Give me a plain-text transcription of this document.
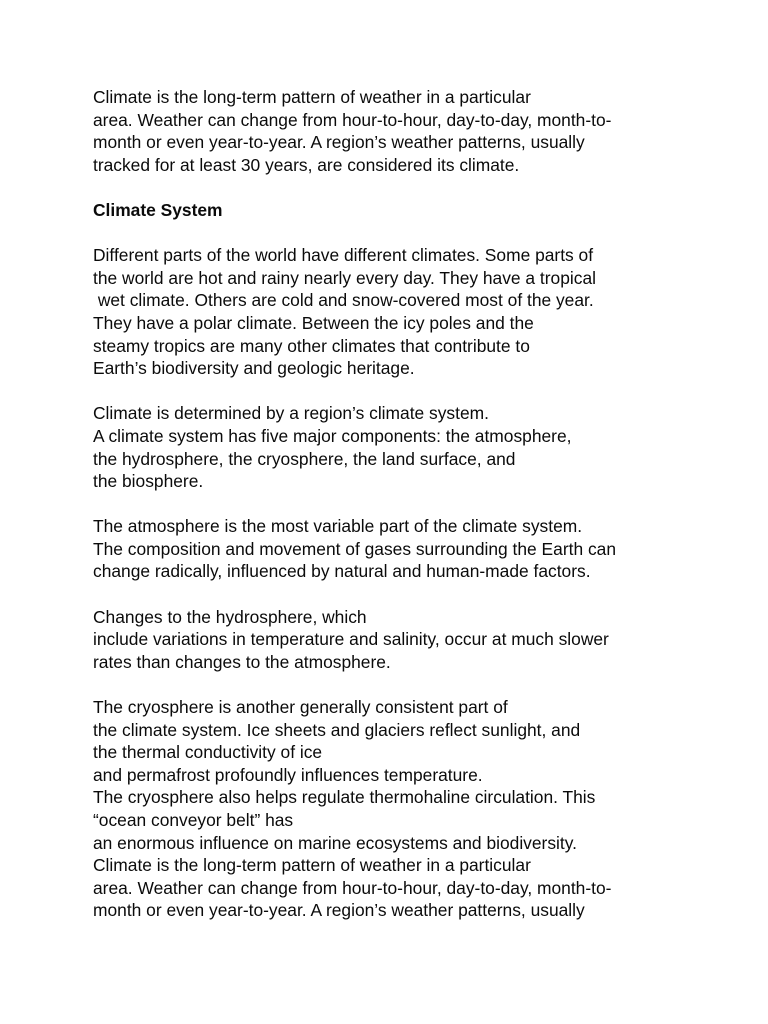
Climate is the long-term pattern of weather in a particular
area. Weather can change from hour-to-hour, day-to-day, month-to-
month or even year-to-year. A region’s weather patterns, usually
tracked for at least 30 years, are considered its climate.
Climate System
Different parts of the world have different climates. Some parts of
the world are hot and rainy nearly every day. They have a tropical
wet climate. Others are cold and snow-covered most of the year.
They have a polar climate. Between the icy poles and the
steamy tropics are many other climates that contribute to
Earth’s biodiversity and geologic heritage.
Climate is determined by a region’s climate system.
A climate system has five major components: the atmosphere,
the hydrosphere, the cryosphere, the land surface, and
the biosphere.
The atmosphere is the most variable part of the climate system.
The composition and movement of gases surrounding the Earth can
change radically, influenced by natural and human-made factors.
Changes to the hydrosphere, which
include variations in temperature and salinity, occur at much slower
rates than changes to the atmosphere.
The cryosphere is another generally consistent part of
the climate system. Ice sheets and glaciers reflect sunlight, and
the thermal conductivity of ice
and permafrost profoundly influences temperature.
The cryosphere also helps regulate thermohaline circulation. This
“ocean conveyor belt” has
an enormous influence on marine ecosystems and biodiversity.
Climate is the long-term pattern of weather in a particular
area. Weather can change from hour-to-hour, day-to-day, month-to-
month or even year-to-year. A region’s weather patterns, usually
